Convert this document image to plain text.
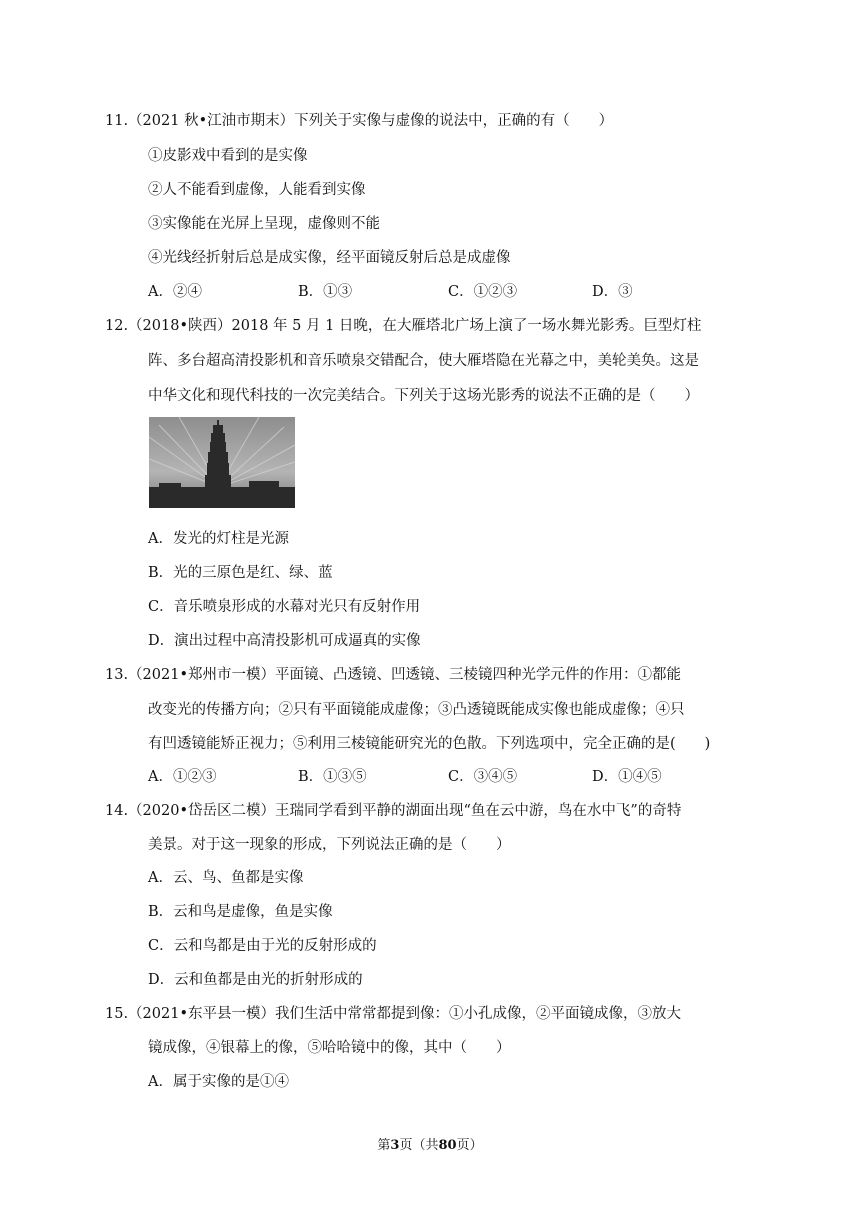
11.（2021 秋•江油市期末）下列关于实像与虚像的说法中，正确的有（　　）
①皮影戏中看到的是实像
②人不能看到虚像，人能看到实像
③实像能在光屏上呈现，虚像则不能
④光线经折射后总是成实像，经平面镜反射后总是成虚像
A．②④	B．①③	C．①②③	D．③
12.（2018•陕西）2018 年 5 月 1 日晚，在大雁塔北广场上演了一场水舞光影秀。巨型灯柱
阵、多台超高清投影机和音乐喷泉交错配合，使大雁塔隐在光幕之中，美轮美奂。这是
中华文化和现代科技的一次完美结合。下列关于这场光影秀的说法不正确的是（　　）
A．发光的灯柱是光源
B．光的三原色是红、绿、蓝
C．音乐喷泉形成的水幕对光只有反射作用
D．演出过程中高清投影机可成逼真的实像
13.（2021•郑州市一模）平面镜、凸透镜、凹透镜、三棱镜四种光学元件的作用：①都能
改变光的传播方向；②只有平面镜能成虚像；③凸透镜既能成实像也能成虚像；④只
有凹透镜能矫正视力；⑤利用三棱镜能研究光的色散。下列选项中，完全正确的是(　　)
A．①②③	B．①③⑤	C．③④⑤	D．①④⑤
14.（2020•岱岳区二模）王瑞同学看到平静的湖面出现“鱼在云中游，鸟在水中飞”的奇特
美景。对于这一现象的形成，下列说法正确的是（　　）
A．云、鸟、鱼都是实像
B．云和鸟是虚像，鱼是实像
C．云和鸟都是由于光的反射形成的
D．云和鱼都是由光的折射形成的
15.（2021•东平县一模）我们生活中常常都提到像：①小孔成像，②平面镜成像，③放大
镜成像，④银幕上的像，⑤哈哈镜中的像，其中（　　）
A．属于实像的是①④
第3页（共80页）
